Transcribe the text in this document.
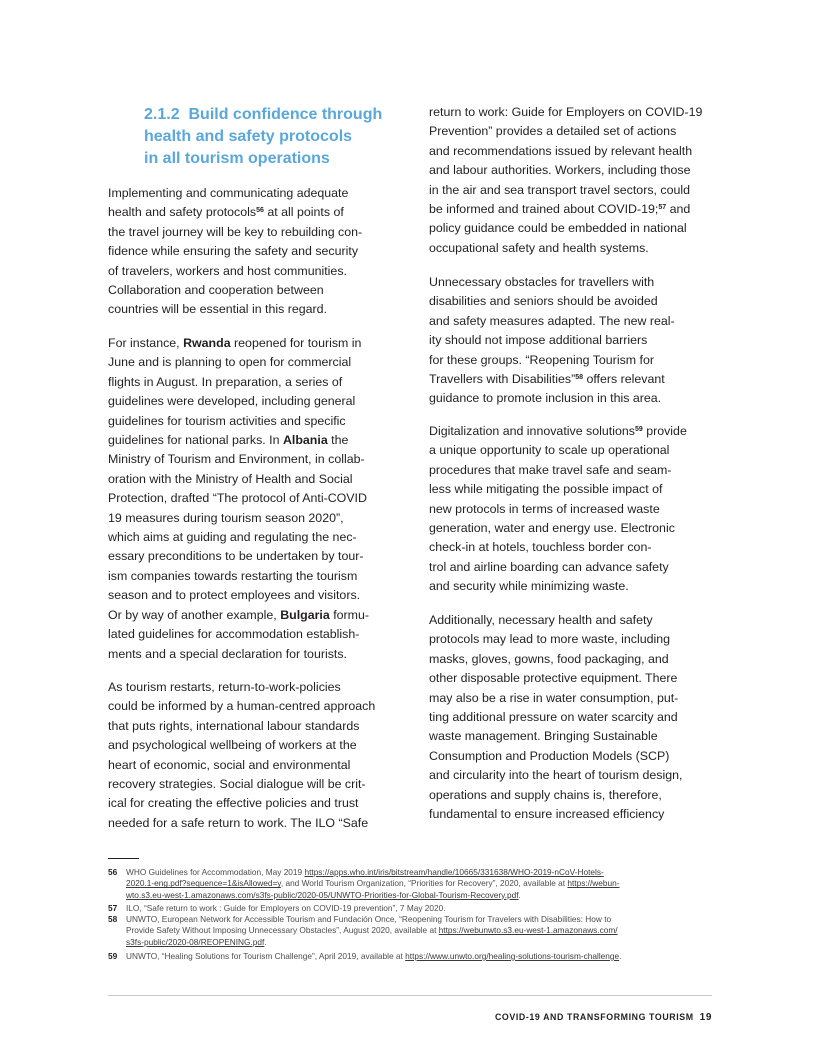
2.1.2 Build confidence through
health and safety protocols
in all tourism operations
Implementing and communicating adequate
health and safety protocols$^{56}$ at all points of
the travel journey will be key to rebuilding con-
fidence while ensuring the safety and security
of travelers, workers and host communities.
Collaboration and cooperation between
countries will be essential in this regard.
For instance, Rwanda reopened for tourism in
June and is planning to open for commercial
flights in August. In preparation, a series of
guidelines were developed, including general
guidelines for tourism activities and specific
guidelines for national parks. In Albania the
Ministry of Tourism and Environment, in collab-
oration with the Ministry of Health and Social
Protection, drafted “The protocol of Anti-COVID
19 measures during tourism season 2020”,
which aims at guiding and regulating the nec-
essary preconditions to be undertaken by tour-
ism companies towards restarting the tourism
season and to protect employees and visitors.
Or by way of another example, Bulgaria formu-
lated guidelines for accommodation establish-
ments and a special declaration for tourists.
As tourism restarts, return-to-work-policies
could be informed by a human-centred approach
that puts rights, international labour standards
and psychological wellbeing of workers at the
heart of economic, social and environmental
recovery strategies. Social dialogue will be crit-
ical for creating the effective policies and trust
needed for a safe return to work. The ILO “Safe
return to work: Guide for Employers on COVID-19
Prevention” provides a detailed set of actions
and recommendations issued by relevant health
and labour authorities. Workers, including those
in the air and sea transport travel sectors, could
be informed and trained about COVID-19;$^{57}$ and
policy guidance could be embedded in national
occupational safety and health systems.
Unnecessary obstacles for travellers with
disabilities and seniors should be avoided
and safety measures adapted. The new real-
ity should not impose additional barriers
for these groups. “Reopening Tourism for
Travellers with Disabilities”$^{58}$ offers relevant
guidance to promote inclusion in this area.
Digitalization and innovative solutions$^{59}$ provide
a unique opportunity to scale up operational
procedures that make travel safe and seam-
less while mitigating the possible impact of
new protocols in terms of increased waste
generation, water and energy use. Electronic
check-in at hotels, touchless border con-
trol and airline boarding can advance safety
and security while minimizing waste.
Additionally, necessary health and safety
protocols may lead to more waste, including
masks, gloves, gowns, food packaging, and
other disposable protective equipment. There
may also be a rise in water consumption, put-
ting additional pressure on water scarcity and
waste management. Bringing Sustainable
Consumption and Production Models (SCP)
and circularity into the heart of tourism design,
operations and supply chains is, therefore,
fundamental to ensure increased efficiency
56 WHO Guidelines for Accommodation, May 2019 https://apps.who.int/iris/bitstream/handle/10665/331638/WHO-2019-nCoV-Hotels-
2020.1-eng.pdf?sequence=1&isAllowed=y, and World Tourism Organization, “Priorities for Recovery”, 2020, available at https://webun-
wto.s3.eu-west-1.amazonaws.com/s3fs-public/2020-05/UNWTO-Priorities-for-Global-Tourism-Recovery.pdf.
57 ILO, “Safe return to work : Guide for Employers on COVID-19 prevention”, 7 May 2020.
58 UNWTO, European Network for Accessible Tourism and Fundación Once, “Reopening Tourism for Travelers with Disabilities: How to
Provide Safety Without Imposing Unnecessary Obstacles”, August 2020, available at https://webunwto.s3.eu-west-1.amazonaws.com/
s3fs-public/2020-08/REOPENING.pdf.
59 UNWTO, “Healing Solutions for Tourism Challenge”, April 2019, available at https://www.unwto.org/healing-solutions-tourism-challenge.
COVID-19 AND TRANSFORMING TOURISM 19
